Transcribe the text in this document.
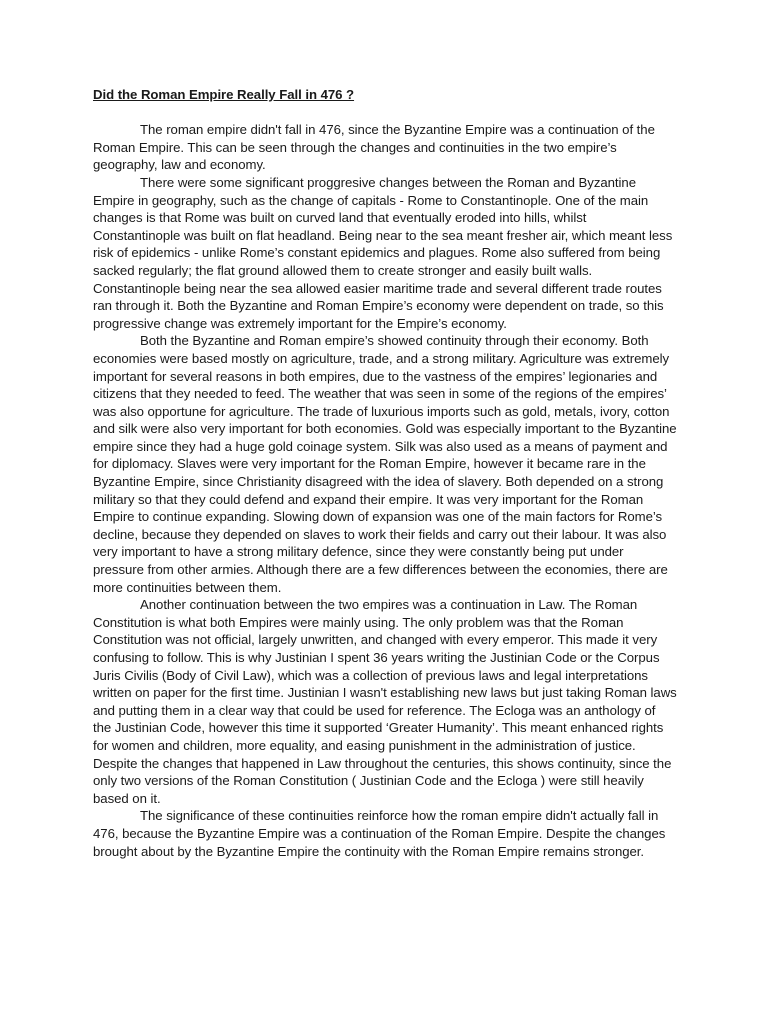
Did the Roman Empire Really Fall in 476 ?

The roman empire didn't fall in 476, since the Byzantine Empire was a continuation of the Roman Empire. This can be seen through the changes and continuities in the two empire’s geography, law and economy.

There were some significant proggresive changes between the Roman and Byzantine Empire in geography, such as the change of capitals - Rome to Constantinople. One of the main changes is that Rome was built on curved land that eventually eroded into hills, whilst Constantinople was built on flat headland. Being near to the sea meant fresher air, which meant less risk of epidemics - unlike Rome’s constant epidemics and plagues. Rome also suffered from being sacked regularly; the flat ground allowed them to create stronger and easily built walls. Constantinople being near the sea allowed easier maritime trade and several different trade routes ran through it. Both the Byzantine and Roman Empire’s economy were dependent on trade, so this progressive change was extremely important for the Empire’s economy.

Both the Byzantine and Roman empire’s showed continuity through their economy. Both economies were based mostly on agriculture, trade, and a strong military. Agriculture was extremely important for several reasons in both empires, due to the vastness of the empires’ legionaries and citizens that they needed to feed. The weather that was seen in some of the regions of the empires’ was also opportune for agriculture. The trade of luxurious imports such as gold, metals, ivory, cotton and silk were also very important for both economies. Gold was especially important to the Byzantine empire since they had a huge gold coinage system. Silk was also used as a means of payment and for diplomacy. Slaves were very important for the Roman Empire, however it became rare in the Byzantine Empire, since Christianity disagreed with the idea of slavery. Both depended on a strong military so that they could defend and expand their empire. It was very important for the Roman Empire to continue expanding. Slowing down of expansion was one of the main factors for Rome’s decline, because they depended on slaves to work their fields and carry out their labour. It was also very important to have a strong military defence, since they were constantly being put under pressure from other armies. Although there are a few differences between the economies, there are more continuities between them.

Another continuation between the two empires was a continuation in Law. The Roman Constitution is what both Empires were mainly using. The only problem was that the Roman Constitution was not official, largely unwritten, and changed with every emperor. This made it very confusing to follow. This is why Justinian I spent 36 years writing the Justinian Code or the Corpus Juris Civilis (Body of Civil Law), which was a collection of previous laws and legal interpretations written on paper for the first time. Justinian I wasn't establishing new laws but just taking Roman laws and putting them in a clear way that could be used for reference. The Ecloga was an anthology of the Justinian Code, however this time it supported ‘Greater Humanity’. This meant enhanced rights for women and children, more equality, and easing punishment in the administration of justice. Despite the changes that happened in Law throughout the centuries, this shows continuity, since the only two versions of the Roman Constitution ( Justinian Code and the Ecloga ) were still heavily based on it.

The significance of these continuities reinforce how the roman empire didn't actually fall in 476, because the Byzantine Empire was a continuation of the Roman Empire. Despite the changes brought about by the Byzantine Empire the continuity with the Roman Empire remains stronger.
